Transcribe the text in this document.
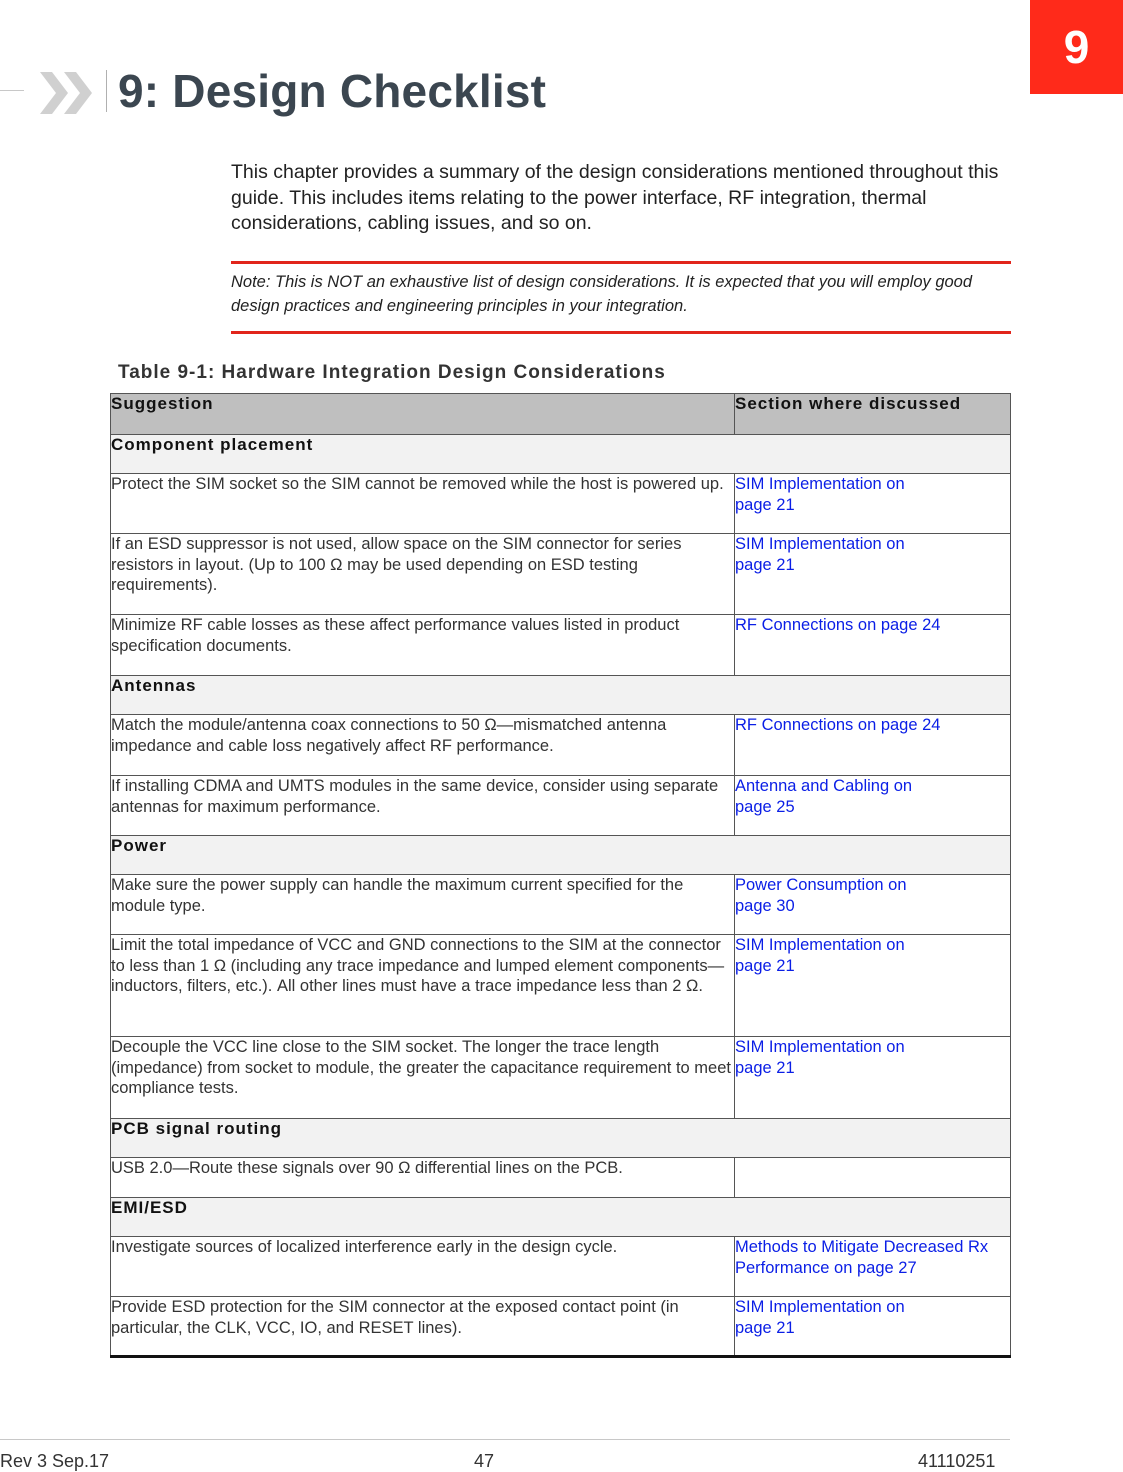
9
9: Design Checklist

This chapter provides a summary of the design considerations mentioned throughout this guide. This includes items relating to the power interface, RF integration, thermal considerations, cabling issues, and so on.

Note: This is NOT an exhaustive list of design considerations. It is expected that you will employ good design practices and engineering principles in your integration.

Table 9-1: Hardware Integration Design Considerations

Suggestion	Section where discussed
Component placement	
Protect the SIM socket so the SIM cannot be removed while the host is powered up.	SIM Implementation on page 21
If an ESD suppressor is not used, allow space on the SIM connector for series resistors in layout. (Up to 100 Ω may be used depending on ESD testing requirements).	SIM Implementation on page 21
Minimize RF cable losses as these affect performance values listed in product specification documents.	RF Connections on page 24
Antennas	
Match the module/antenna coax connections to 50 Ω—mismatched antenna impedance and cable loss negatively affect RF performance.	RF Connections on page 24
If installing CDMA and UMTS modules in the same device, consider using separate antennas for maximum performance.	Antenna and Cabling on page 25
Power	
Make sure the power supply can handle the maximum current specified for the module type.	Power Consumption on page 30
Limit the total impedance of VCC and GND connections to the SIM at the connector to less than 1 Ω (including any trace impedance and lumped element components—inductors, filters, etc.). All other lines must have a trace impedance less than 2 Ω.	SIM Implementation on page 21
Decouple the VCC line close to the SIM socket. The longer the trace length (impedance) from socket to module, the greater the capacitance requirement to meet compliance tests.	SIM Implementation on page 21
PCB signal routing	
USB 2.0—Route these signals over 90 Ω differential lines on the PCB.	
EMI/ESD	
Investigate sources of localized interference early in the design cycle.	Methods to Mitigate Decreased Rx Performance on page 27
Provide ESD protection for the SIM connector at the exposed contact point (in particular, the CLK, VCC, IO, and RESET lines).	SIM Implementation on page 21

Rev 3 Sep.17	47	41110251
